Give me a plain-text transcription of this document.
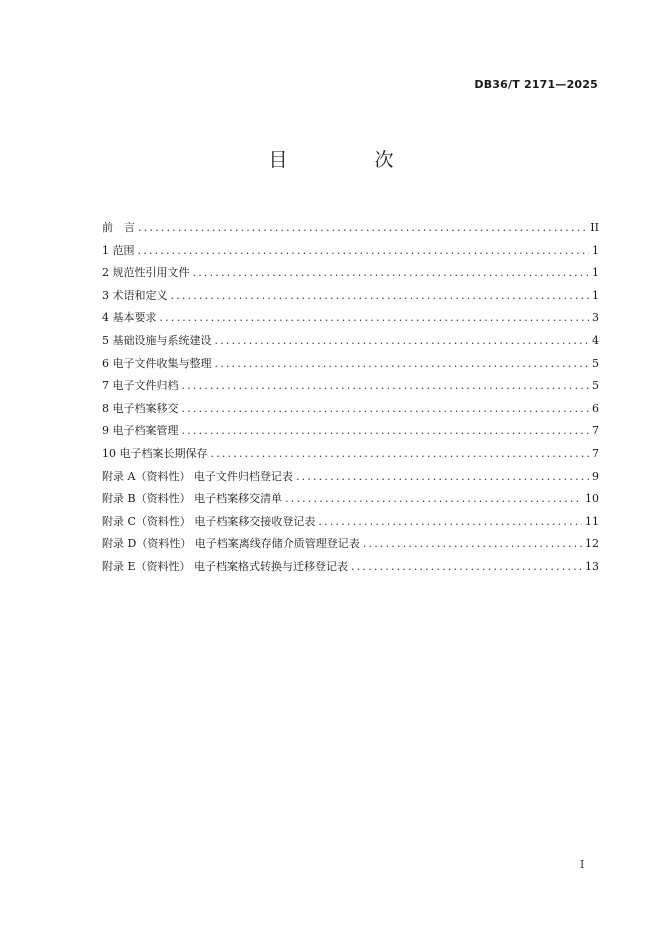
DB36/T 2171—2025
目　次
前　言 .....	II
1 范围 .....	1
2 规范性引用文件 .....	1
3 术语和定义 .....	1
4 基本要求 .....	3
5 基础设施与系统建设 .....	4
6 电子文件收集与整理 .....	5
7 电子文件归档 .....	5
8 电子档案移交 .....	6
9 电子档案管理 .....	7
10 电子档案长期保存 .....	7
附录 A（资料性） 电子文件归档登记表 .....	9
附录 B（资料性） 电子档案移交清单 .....	10
附录 C（资料性） 电子档案移交接收登记表 .....	11
附录 D（资料性） 电子档案离线存储介质管理登记表 .....	12
附录 E（资料性） 电子档案格式转换与迁移登记表 .....	13
I
